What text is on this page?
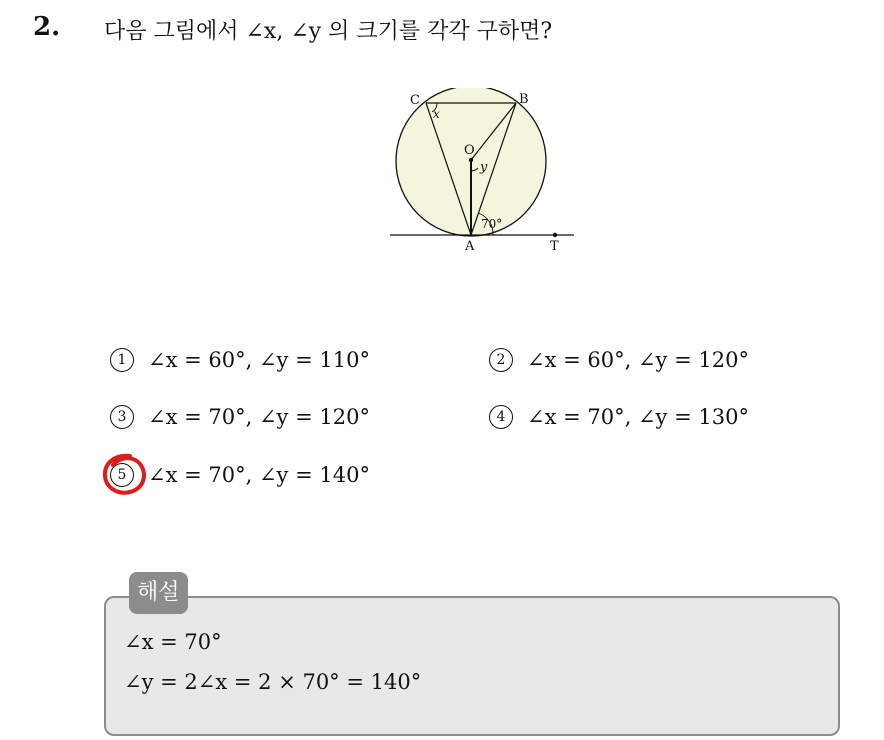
2. 다음 그림에서 ∠x, ∠y 의 크기를 각각 구하면?
C	B
O
A	T
x
y
70°
1	∠x = 60°, ∠y = 110°	2	∠x = 60°, ∠y = 120°
3	∠x = 70°, ∠y = 120°	4	∠x = 70°, ∠y = 130°
5	∠x = 70°, ∠y = 140°
해설
∠x = 70°
∠y = 2∠x = 2 × 70° = 140°
